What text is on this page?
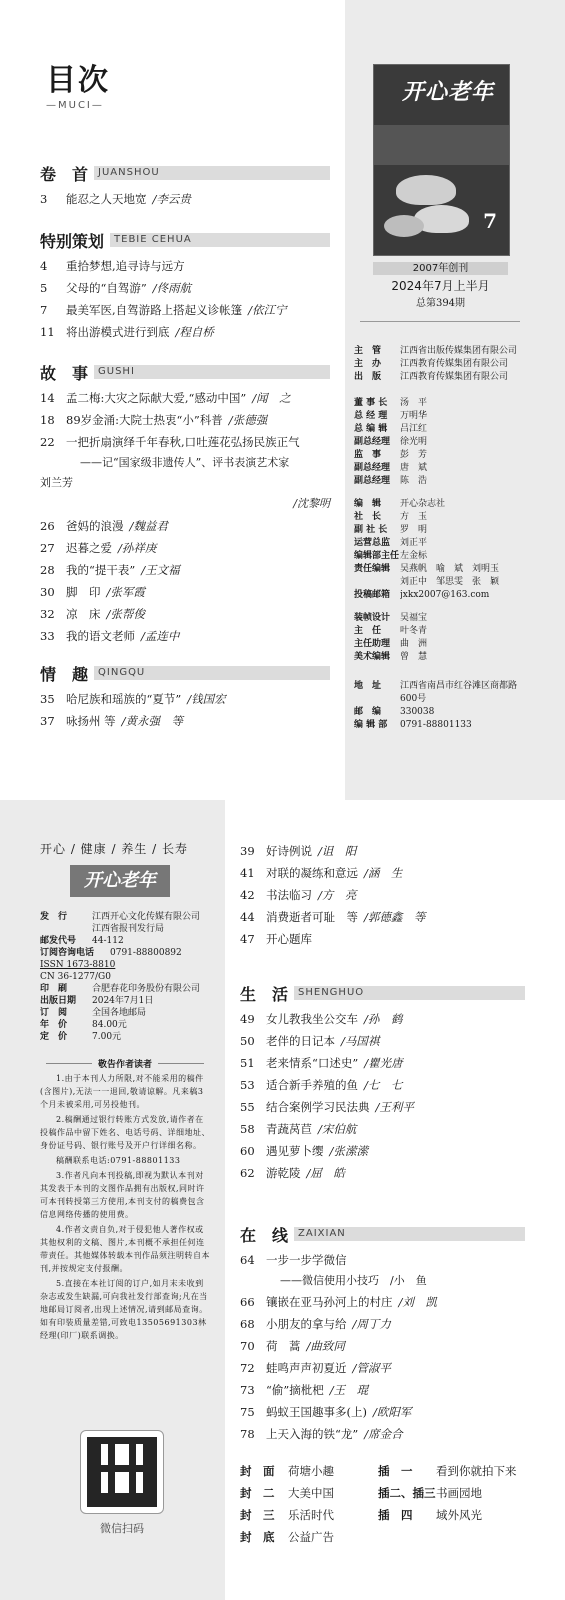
目次
—MUCI—
卷　首	JUANSHOU
3 能忍之人天地宽 /李云贵
特别策划	TEBIE CEHUA
4 重拾梦想,追寻诗与远方
5 父母的“自驾游” /佟雨航
7 最美军医,自驾游路上搭起义诊帐篷 /依江宁
11 将出游模式进行到底 /程自桥
故　事	GUSHI
14 孟二梅:大灾之际献大爱,“感动中国” /闻　之
18 89岁金涌:大院士热衷“小”科普 /张德强
22 一把折扇演绎千年春秋,口吐莲花弘扬民族正气
——记“国家级非遗传人”、评书表演艺术家
刘兰芳
/沈黎明
26 爸妈的浪漫 /魏益君
27 迟暮之爱 /孙祥庚
28 我的“提干表” /王文福
30 脚　印 /张军霞
32 凉　床 /张帮俊
33 我的语文老师 /孟连中
情　趣	QINGQU
35 哈尼族和瑶族的“夏节” /钱国宏
37 咏扬州 等 /黄永强　等
开心老年
7
2007年创刊
2024年7月上半月
总第394期
主　管	江西省出版传媒集团有限公司
主　办	江西教育传媒集团有限公司
出　版	江西教育传媒集团有限公司
董 事 长	汤　平
总 经 理	万明华
总 编 辑	吕江红
副总经理	徐光明
监　事	彭　芳
副总经理	唐　斌
副总经理	陈　浩
编　辑	开心杂志社
社　长	方　玉
副 社 长	罗　明
运营总监	刘正平
编辑部主任 左金标
责任编辑	吴燕帆　喻　斌　刘明玉
刘正中　邹思雯　张　颖
投稿邮箱	jxkx2007@163.com
装帧设计	吴福宝
主　任	叶冬青
主任助理	曲　洲
美术编辑	曾　慧
地　址	江西省南昌市红谷滩区商都路
600号
邮　编	330038
编 辑 部	0791-88801133
开心 / 健康 / 养生 / 长寿
开心老年
发　行	江西开心文化传媒有限公司
江西省报刊发行局
邮发代号	44-112
订阅咨询电话	0791-88800892
ISSN 1673-8810
CN 36-1277/G0
印　刷	合肥春花印务股份有限公司
出版日期	2024年7月1日
订　阅	全国各地邮局
年　价	84.00元
定　价	7.00元
敬告作者读者

1.由于本刊人力所限,对不能采用的稿件(含图片),无法一一退回,敬请谅解。凡来稿3个月未被采用,可另投他刊。

2.稿酬通过银行转账方式发放,请作者在投稿作品中留下姓名、电话号码、详细地址、身份证号码、银行账号及开户行详细名称。

稿酬联系电话:0791-88801133

3.作者凡向本刊投稿,即视为默认本刊对其发表于本刊的文图作品拥有出版权,同时许可本刊转授第三方使用,本刊支付的稿费包含信息网络传播的使用费。

4.作者文责自负,对于侵犯他人著作权或其他权利的文稿、图片,本刊概不承担任何连带责任。其他媒体转载本刊作品须注明转自本刊,并按规定支付报酬。

5.直接在本社订阅的订户,如月末未收到杂志或发生缺漏,可向我社发行部查询;凡在当地邮局订阅者,出现上述情况,请到邮局查询。如有印装质量差错,可致电13505691303林经理(印厂)联系调换。

微信扫码
39 好诗例说 /诅　阳
41 对联的凝练和意远 /涵　生
42 书法临习 /方　亮
44 消费逝者可耻　等 /郭德鑫　等
47 开心题库
生　活	SHENGHUO
49 女儿教我坐公交车 /孙　鹤
50 老伴的日记本 /马国祺
51 老来情系“口述史” /瞿光唐
53 适合新手养殖的鱼 /七　七
55 结合案例学习民法典 /王利平
58 青蔬莴苣 /宋伯航
60 遇见萝卜缨 /张潆潆
62 游乾陵 /屈　皓
在　线	ZAIXIAN
64 一步一步学微信
——微信使用小技巧　/小　鱼
66 镶嵌在亚马孙河上的村庄 /刘　凯
68 小朋友的拿与给 /周丁力
70 荷　蒿 /曲致同
72 蛙鸣声声初夏近 /管淑平
73 “偷”摘枇杷 /王　琨
75 蚂蚁王国趣事多(上) /欧阳军
78 上天入海的铁“龙” /席金合
封　面	荷塘小趣	插　一	看到你就拍下来
封　二	大美中国	插二、插三 书画园地
封　三	乐活时代	插　四	域外风光
封　底	公益广告
